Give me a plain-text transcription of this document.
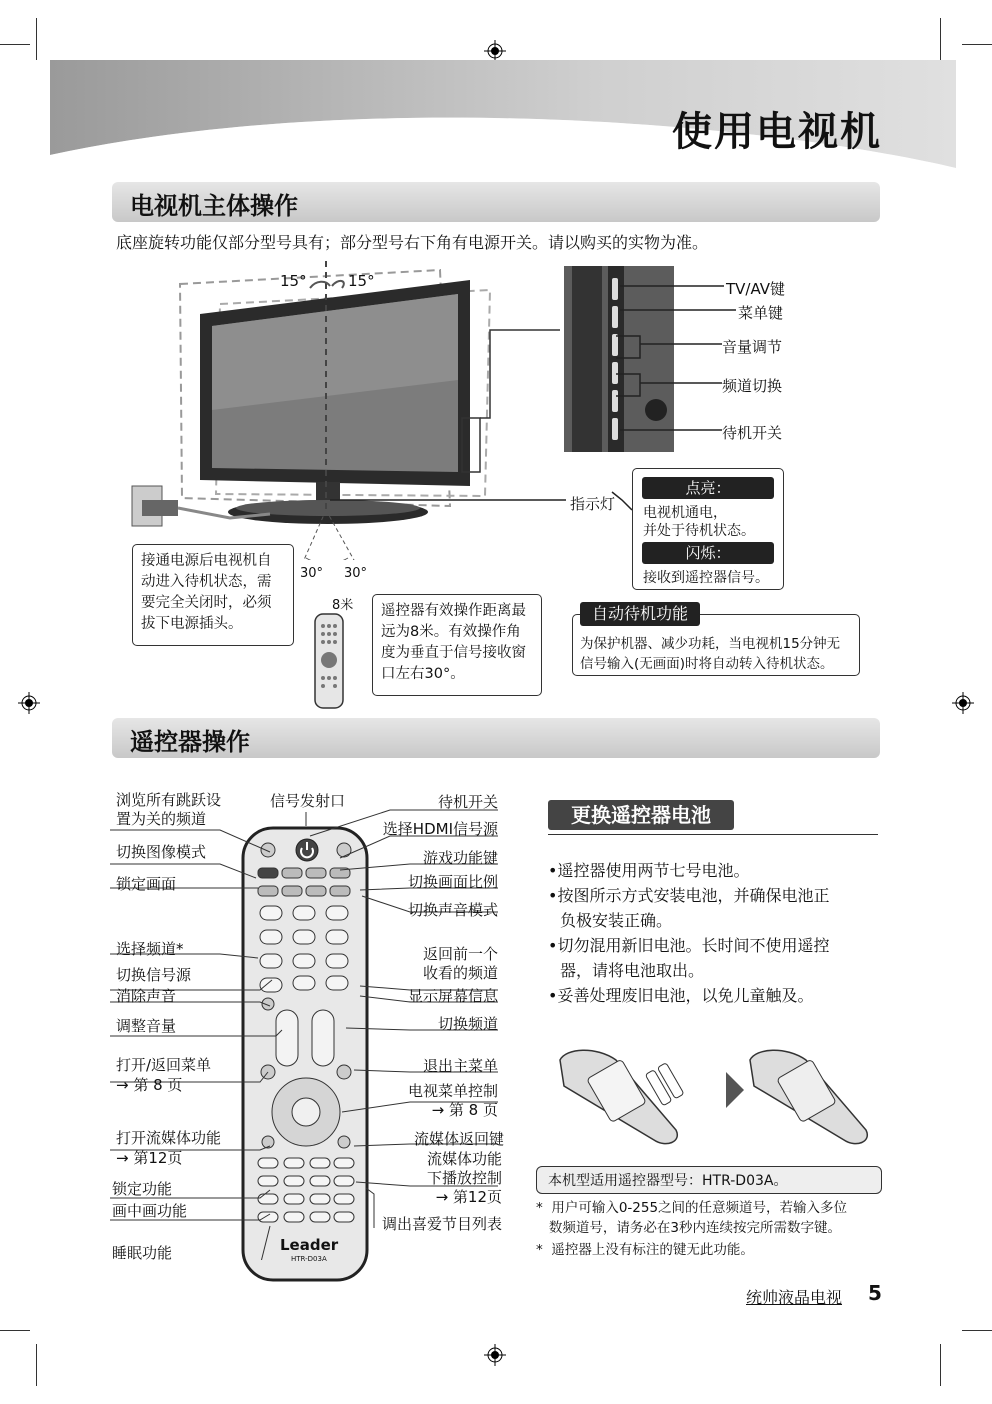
使用电视机
电视机主体操作
底座旋转功能仅部分型号具有；部分型号右下角有电源开关。请以购买的实物为准。
15°	15°
30° 30°
8米
接通电源后电视机自
动进入待机状态，需
要完全关闭时，必须
拔下电源插头。
遥控器有效操作距离最
远为8米。有效操作角
度为垂直于信号接收窗
口左右30°。
TV/AV键
菜单键
音量调节
频道切换
待机开关
指示灯
点亮：
电视机通电，
并处于待机状态。
闪烁：
接收到遥控器信号。
自动待机功能
为保护机器、减少功耗，当电视机15分钟无
信号输入(无画面)时将自动转入待机状态。
遥控器操作
Leader
HTR-D03A
浏览所有跳跃设
置为关的频道
切换图像模式
锁定画面
选择频道*
切换信号源
消除声音
调整音量
打开/返回菜单
→ 第 8 页
打开流媒体功能
→ 第12页
锁定功能
画中画功能
睡眠功能
信号发射口	待机开关
选择HDMI信号源
游戏功能键
切换画面比例
切换声音模式
返回前一个
收看的频道
显示屏幕信息
切换频道
退出主菜单
电视菜单控制
→ 第 8 页
流媒体返回键
流媒体功能
下播放控制
→ 第12页
调出喜爱节目列表
更换遥控器电池
•遥控器使用两节七号电池。
•按图所示方式安装电池，并确保电池正
负极安装正确。
•切勿混用新旧电池。长时间不使用遥控
器，请将电池取出。
•妥善处理废旧电池，以免儿童触及。
本机型适用遥控器型号：HTR-D03A。
*  用户可输入0-255之间的任意频道号，若输入多位
数频道号，请务必在3秒内连续按完所需数字键。
*  遥控器上没有标注的键无此功能。
统帅液晶电视 5
